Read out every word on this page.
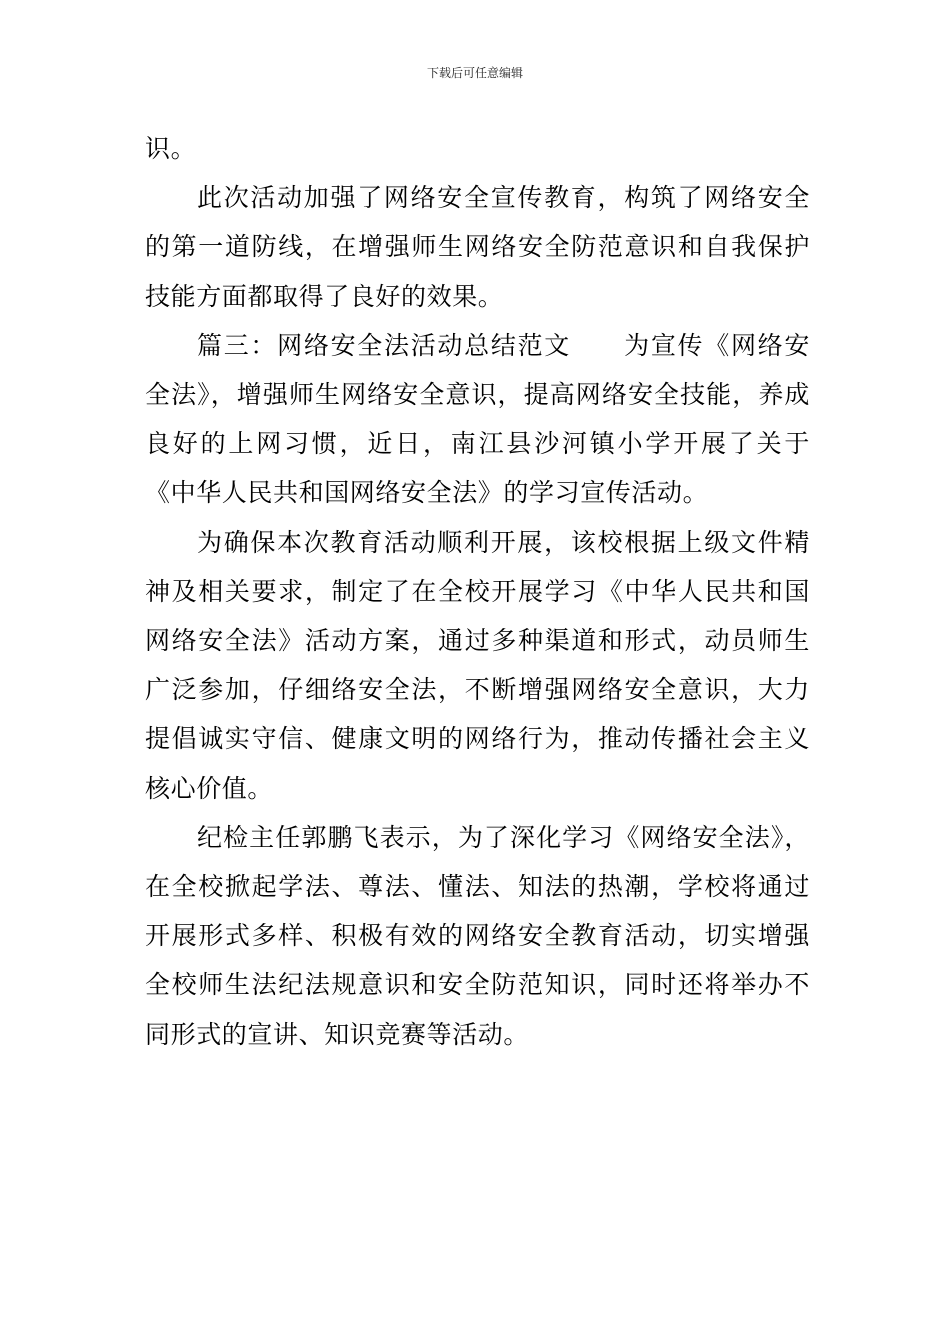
下载后可任意编辑

识。

此次活动加强了网络安全宣传教育，构筑了网络安全的第一道防线，在增强师生网络安全防范意识和自我保护技能方面都取得了良好的效果。

篇三：网络安全法活动总结范文 为宣传《网络安全法》，增强师生网络安全意识，提高网络安全技能，养成良好的上网习惯，近日，南江县沙河镇小学开展了关于《中华人民共和国网络安全法》的学习宣传活动。

为确保本次教育活动顺利开展，该校根据上级文件精神及相关要求，制定了在全校开展学习《中华人民共和国网络安全法》活动方案，通过多种渠道和形式，动员师生广泛参加，仔细络安全法，不断增强网络安全意识，大力提倡诚实守信、健康文明的网络行为，推动传播社会主义核心价值。

纪检主任郭鹏飞表示，为了深化学习《网络安全法》，在全校掀起学法、尊法、懂法、知法的热潮，学校将通过开展形式多样、积极有效的网络安全教育活动，切实增强全校师生法纪法规意识和安全防范知识，同时还将举办不同形式的宣讲、知识竞赛等活动。
